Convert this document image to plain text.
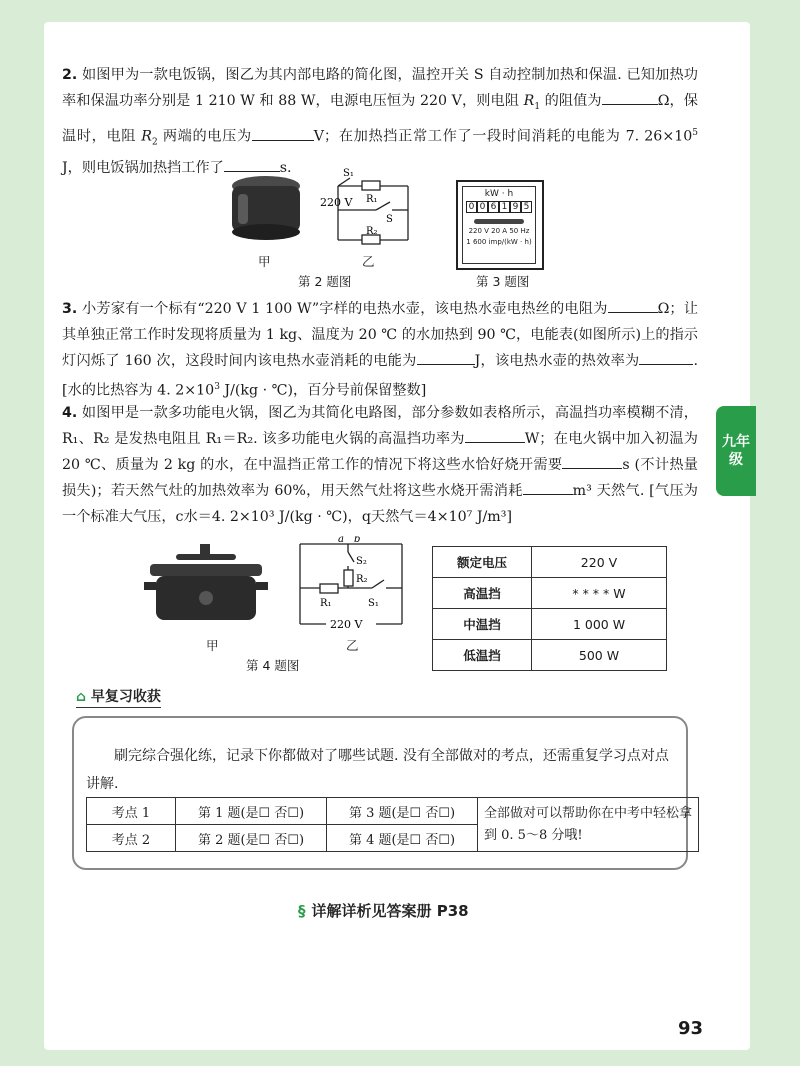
九年
级
2. 如图甲为一款电饭锅，图乙为其内部电路的简化图，温控开关 S 自动控制加热和保温. 已知加热功率和保温功率分别是 1 210 W 和 88 W，电源电压恒为 220 V，则电阻 $R_1$ 的阻值为	Ω，保温时，电阻 $R_2$ 两端的电压为	V；在加热挡正常工作了一段时间消耗的电能为 7. $26\times 10^5$ J，则电饭锅加热挡工作了	s.	S₁
220 V R₁
S
R₂
甲	乙
第 2 题图
kW · h
0 0 6 1 9 5
220 V 20 A 50 Hz
1 600 imp/(kW · h)
第 3 题图
3. 小芳家有一个标有“220 V 1 100 W”字样的电热水壶，该电热水壶电热丝的电阻为	Ω；让其单独正常工作时发现将质量为 1 kg、温度为 20 ℃ 的水加热到 90 ℃，电能表(如图所示)上的指示灯闪烁了 160 次，这段时间内该电热水壶消耗的电能为	J，该电热水壶的热效率为	. [水的比热容为 4. $2\times 10^3$ J/(kg · ℃)，百分号前保留整数]
4. 如图甲是一款多功能电火锅，图乙为其简化电路图，部分参数如表格所示，高温挡功率模糊不清，R₁、R₂ 是发热电阻且 R₁＝R₂. 该多功能电火锅的高温挡功率为	W；在电火锅中加入初温为 20 ℃、质量为 2 kg 的水，在中温挡正常工作的情况下将这些水恰好烧开需要	s (不计热量损失)；若天然气灶的加热效率为 60%，用天然气灶将这些水烧开需消耗	m³ 天然气. [气压为一个标准大气压，c水＝4. 2×10³ J/(kg · ℃)，q天然气＝4×10⁷ J/m³]
a b
S₂
R₂
R₁	S₁
220 V
甲	乙
第 4 题图
额定电压	220 V
高温挡	* * * * W
中温挡	1 000 W
低温挡	500 W
⌂ 早复习收获
刷完综合强化练，记录下你都做对了哪些试题. 没有全部做对的考点，还需重复学习点对点讲解.
考点 1	第 1 题(是☐ 否☐)	第 3 题(是☐ 否☐)	全部做对可以帮助你在中考中轻松拿到 0. 5～8 分哦!
考点 2	第 2 题(是☐ 否☐)	第 4 题(是☐ 否☐)	
§ 详解详析见答案册 P38
93
